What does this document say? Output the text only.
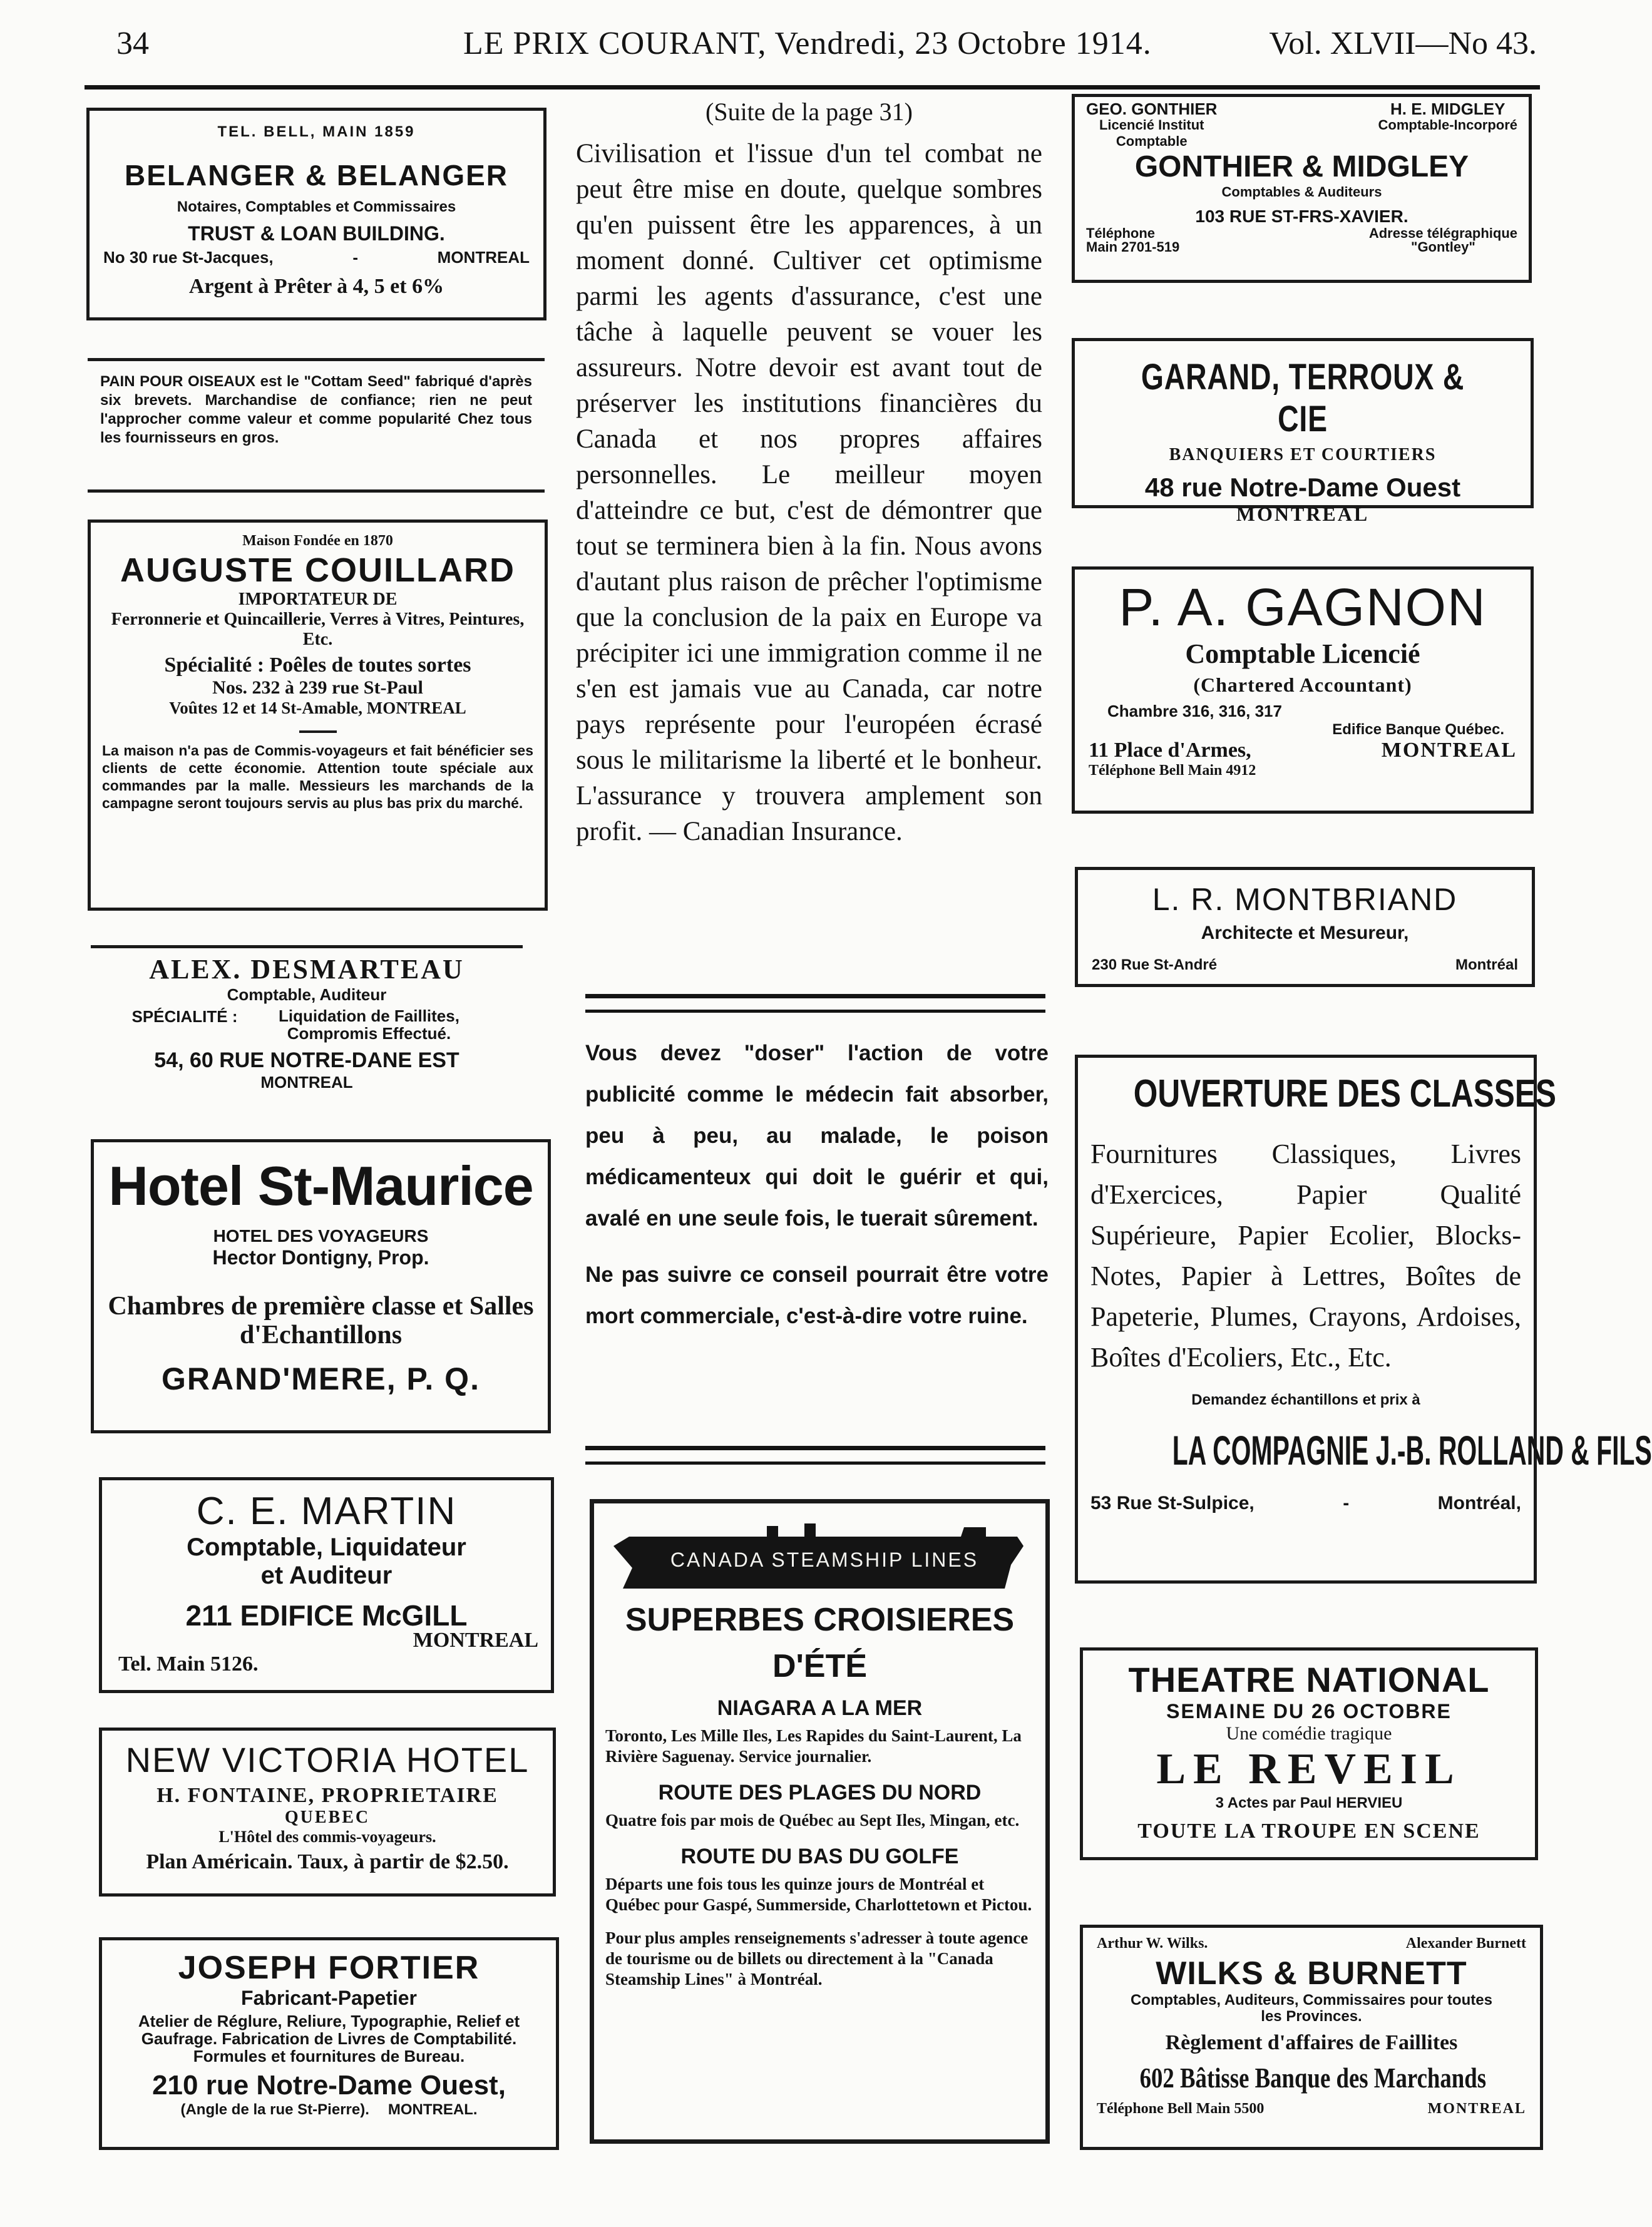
34	LE PRIX COURANT, Vendredi, 23 Octobre 1914.	Vol. XLVII—No 43.

TEL. BELL, MAIN 1859

BELANGER & BELANGER

Notaires, Comptables et Commissaires

TRUST & LOAN BUILDING.

No 30 rue St-Jacques,	-	MONTREAL

Argent à Prêter à 4, 5 et 6%

PAIN POUR OISEAUX est le "Cottam Seed" fabriqué d'après six brevets. Marchandise de confiance; rien ne peut l'approcher comme valeur et comme popularité Chez tous les fournisseurs en gros.

Maison Fondée en 1870

AUGUSTE COUILLARD

IMPORTATEUR DE

Ferronnerie et Quincaillerie, Verres à Vitres, Peintures, Etc.

Spécialité : Poêles de toutes sortes

Nos. 232 à 239 rue St-Paul

Voûtes 12 et 14 St-Amable, MONTREAL

La maison n'a pas de Commis-voyageurs et fait bénéficier ses clients de cette économie. Attention toute spéciale aux commandes par la malle. Messieurs les marchands de la campagne seront toujours servis au plus bas prix du marché.

ALEX. DESMARTEAU

Comptable, Auditeur

SPÉCIALITÉ :	Liquidation de Faillites, Compromis Effectué.

54, 60 RUE NOTRE-DANE EST

MONTREAL

Hotel St-Maurice

HOTEL DES VOYAGEURS

Hector Dontigny, Prop.

Chambres de première classe et Salles d'Echantillons

GRAND'MERE, P. Q.

C. E. MARTIN

Comptable, Liquidateur

et Auditeur

211 EDIFICE McGILL

MONTREAL

Tel. Main 5126.

NEW VICTORIA HOTEL

H. FONTAINE, PROPRIETAIRE

QUEBEC

L'Hôtel des commis-voyageurs.

Plan Américain. Taux, à partir de $2.50.

JOSEPH FORTIER

Fabricant-Papetier

Atelier de Réglure, Reliure, Typographie, Relief et Gaufrage. Fabrication de Livres de Comptabilité. Formules et fournitures de Bureau.

210 rue Notre-Dame Ouest,

(Angle de la rue St-Pierre). MONTREAL.
(Suite de la page 31)
Civilisation et l'issue d'un tel combat ne peut être mise en doute, quelque sombres qu'en puissent être les apparences, à un moment donné. Cultiver cet optimisme parmi les agents d'assurance, c'est une tâche à laquelle peuvent se vouer les assureurs. Notre devoir est avant tout de préserver les institutions financières du Canada et nos propres affaires personnelles. Le meilleur moyen d'atteindre ce but, c'est de démontrer que tout se terminera bien à la fin. Nous avons d'autant plus raison de prêcher l'optimisme que la conclusion de la paix en Europe va précipiter ici une immigration comme il ne s'en est jamais vue au Canada, car notre pays représente pour l'européen écrasé sous le militarisme la liberté et le bonheur. L'assurance y trouvera amplement son profit. — Canadian Insurance.

Vous devez "doser" l'action de votre publicité comme le médecin fait absorber, peu à peu, au malade, le poison médicamenteux qui doit le guérir et qui, avalé en une seule fois, le tuerait sûrement.

Ne pas suivre ce conseil pourrait être votre mort commerciale, c'est-à-dire votre ruine.

CANADA STEAMSHIP LINES

SUPERBES CROISIERES

D'ÉTÉ

NIAGARA A LA MER

Toronto, Les Mille Iles, Les Rapides du Saint-Laurent, La Rivière Saguenay. Service journalier.

ROUTE DES PLAGES DU NORD

Quatre fois par mois de Québec au Sept Iles, Mingan, etc.

ROUTE DU BAS DU GOLFE

Départs une fois tous les quinze jours de Montréal et Québec pour Gaspé, Summerside, Charlottetown et Pictou.

Pour plus amples renseignements s'adresser à toute agence de tourisme ou de billets ou directement à la "Canada Steamship Lines" à Montréal.

GEO. GONTHIER
Licencié Institut
Comptable
H. E. MIDGLEY
Comptable-Incorporé

GONTHIER & MIDGLEY

Comptables & Auditeurs

103 RUE ST-FRS-XAVIER.

Téléphone
Main 2701-519
Adresse télégraphique
"Gontley"

GARAND, TERROUX & CIE

BANQUIERS ET COURTIERS

48 rue Notre-Dame Ouest

MONTREAL

P. A. GAGNON

Comptable Licencié

(Chartered Accountant)

Chambre 316, 316, 317

Edifice Banque Québec.

11 Place d'Armes,	MONTREAL

Téléphone Bell Main 4912

L. R. MONTBRIAND

Architecte et Mesureur,

230 Rue St-André	Montréal

OUVERTURE DES CLASSES

Fournitures Classiques, Livres d'Exercices, Papier Qualité Supérieure, Papier Ecolier, Blocks-Notes, Papier à Lettres, Boîtes de Papeterie, Plumes, Crayons, Ardoises, Boîtes d'Ecoliers, Etc., Etc.

Demandez échantillons et prix à

LA COMPAGNIE J.-B. ROLLAND & FILS

53 Rue St-Sulpice,	-	Montréal,

THEATRE NATIONAL

SEMAINE DU 26 OCTOBRE

Une comédie tragique

LE REVEIL

3 Actes par Paul HERVIEU

TOUTE LA TROUPE EN SCENE

Arthur W. Wilks.	Alexander Burnett

WILKS & BURNETT

Comptables, Auditeurs, Commissaires pour toutes les Provinces.

Règlement d'affaires de Faillites

602 Bâtisse Banque des Marchands

Téléphone Bell Main 5500	MONTREAL
